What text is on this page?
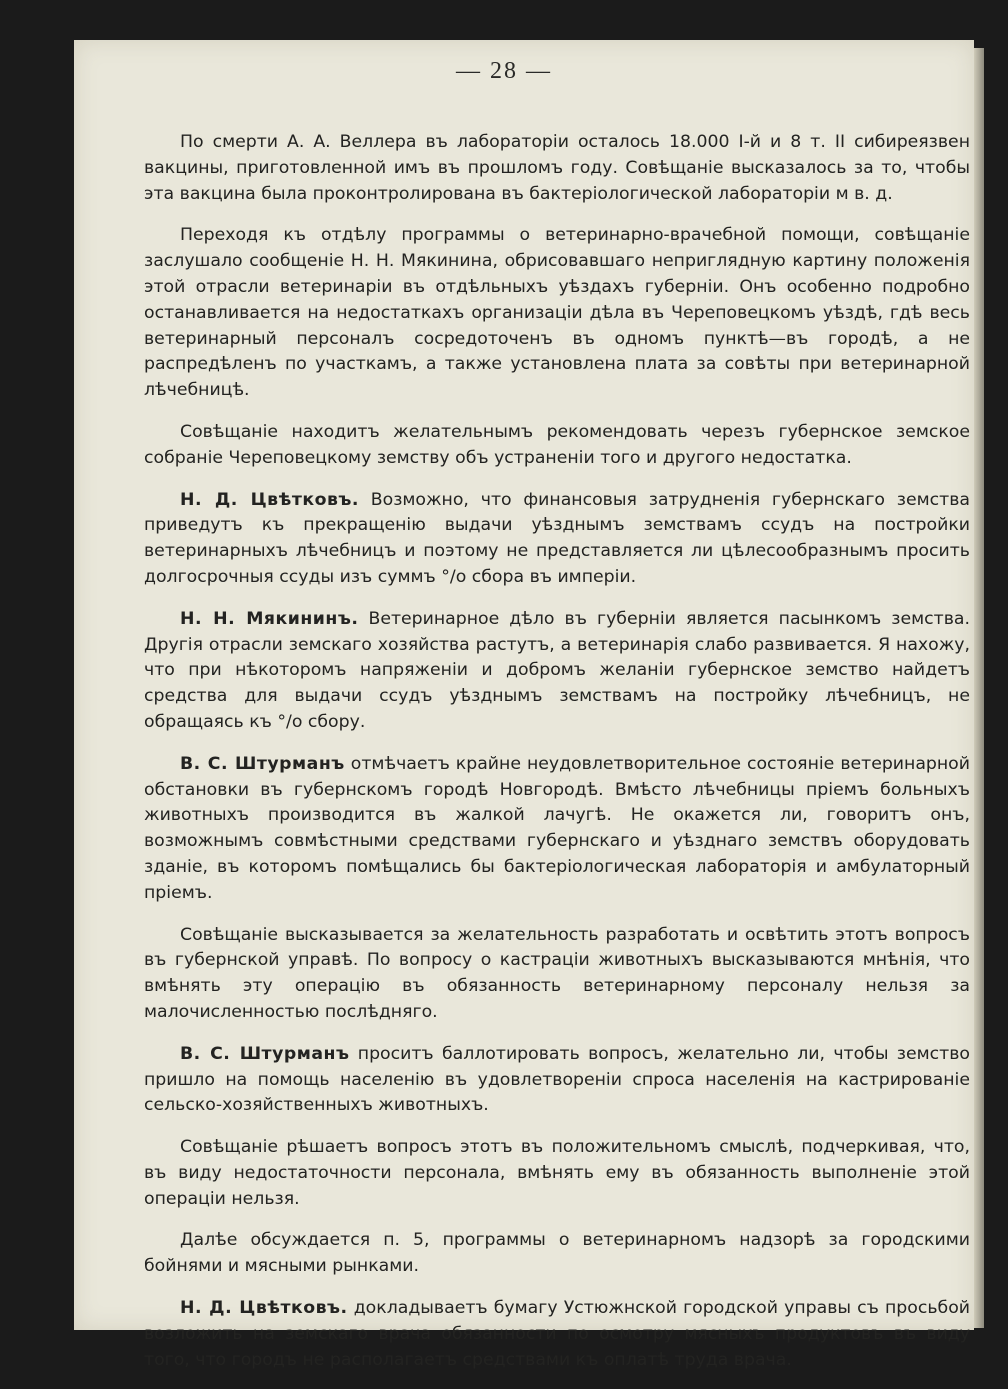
— 28 —

По смерти А. А. Веллера въ лабораторіи осталось 18.000 I-й и 8 т. II сибиреязвен вакцины, приготовленной имъ въ прошломъ году. Совѣщаніе высказалось за то, чтобы эта вакцина была проконтролирована въ бактеріологической лабораторіи м в. д.

Переходя къ отдѣлу программы о ветеринарно-врачебной помощи, совѣщаніе заслушало сообщеніе Н. Н. Мякинина, обрисовавшаго неприглядную картину положенія этой отрасли ветеринаріи въ отдѣльныхъ уѣздахъ губерніи. Онъ особенно подробно останавливается на недостаткахъ организаціи дѣла въ Череповецкомъ уѣздѣ, гдѣ весь ветеринарный персоналъ сосредоточенъ въ одномъ пунктѣ—въ городѣ, а не распредѣленъ по участкамъ, а также установлена плата за совѣты при ветеринарной лѣчебницѣ.

Совѣщаніе находитъ желательнымъ рекомендовать черезъ губернское земское собраніе Череповецкому земству объ устраненіи того и другого недостатка.

Н. Д. Цвѣтковъ. Возможно, что финансовыя затрудненія губернскаго земства приведутъ къ прекращенію выдачи уѣзднымъ земствамъ ссудъ на постройки ветеринарныхъ лѣчебницъ и поэтому не представляется ли цѣлесообразнымъ просить долгосрочныя ссуды изъ суммъ °/о сбора въ имперіи.

Н. Н. Мякининъ. Ветеринарное дѣло въ губерніи является пасынкомъ земства. Другія отрасли земскаго хозяйства растутъ, а ветеринарія слабо развивается. Я нахожу, что при нѣкоторомъ напряженіи и добромъ желаніи губернское земство найдетъ средства для выдачи ссудъ уѣзднымъ земствамъ на постройку лѣчебницъ, не обращаясь къ °/о сбору.

В. С. Штурманъ отмѣчаетъ крайне неудовлетворительное состояніе ветеринарной обстановки въ губернскомъ городѣ Новгородѣ. Вмѣсто лѣчебницы пріемъ больныхъ животныхъ производится въ жалкой лачугѣ. Не окажется ли, говоритъ онъ, возможнымъ совмѣстными средствами губернскаго и уѣзднаго земствъ оборудовать зданіе, въ которомъ помѣщались бы бактеріологическая лабораторія и амбулаторный пріемъ.

Совѣщаніе высказывается за желательность разработать и освѣтить этотъ вопросъ въ губернской управѣ. По вопросу о кастраціи животныхъ высказываются мнѣнія, что вмѣнять эту операцію въ обязанность ветеринарному персоналу нельзя за малочисленностью послѣдняго.

В. С. Штурманъ проситъ баллотировать вопросъ, желательно ли, чтобы земство пришло на помощь населенію въ удовлетвореніи спроса населенія на кастрированіе сельско-хозяйственныхъ животныхъ.

Совѣщаніе рѣшаетъ вопросъ этотъ въ положительномъ смыслѣ, подчеркивая, что, въ виду недостаточности персонала, вмѣнять ему въ обязанность выполненіе этой операціи нельзя.

Далѣе обсуждается п. 5, программы о ветеринарномъ надзорѣ за городскими бойнями и мясными рынками.

Н. Д. Цвѣтковъ. докладываетъ бумагу Устюжнской городской управы съ просьбой возложить на земскаго врача обязанности по осмотру мясныхъ продуктовъ въ виду того, что городъ не располагаетъ средствами къ оплатѣ труда врача.
